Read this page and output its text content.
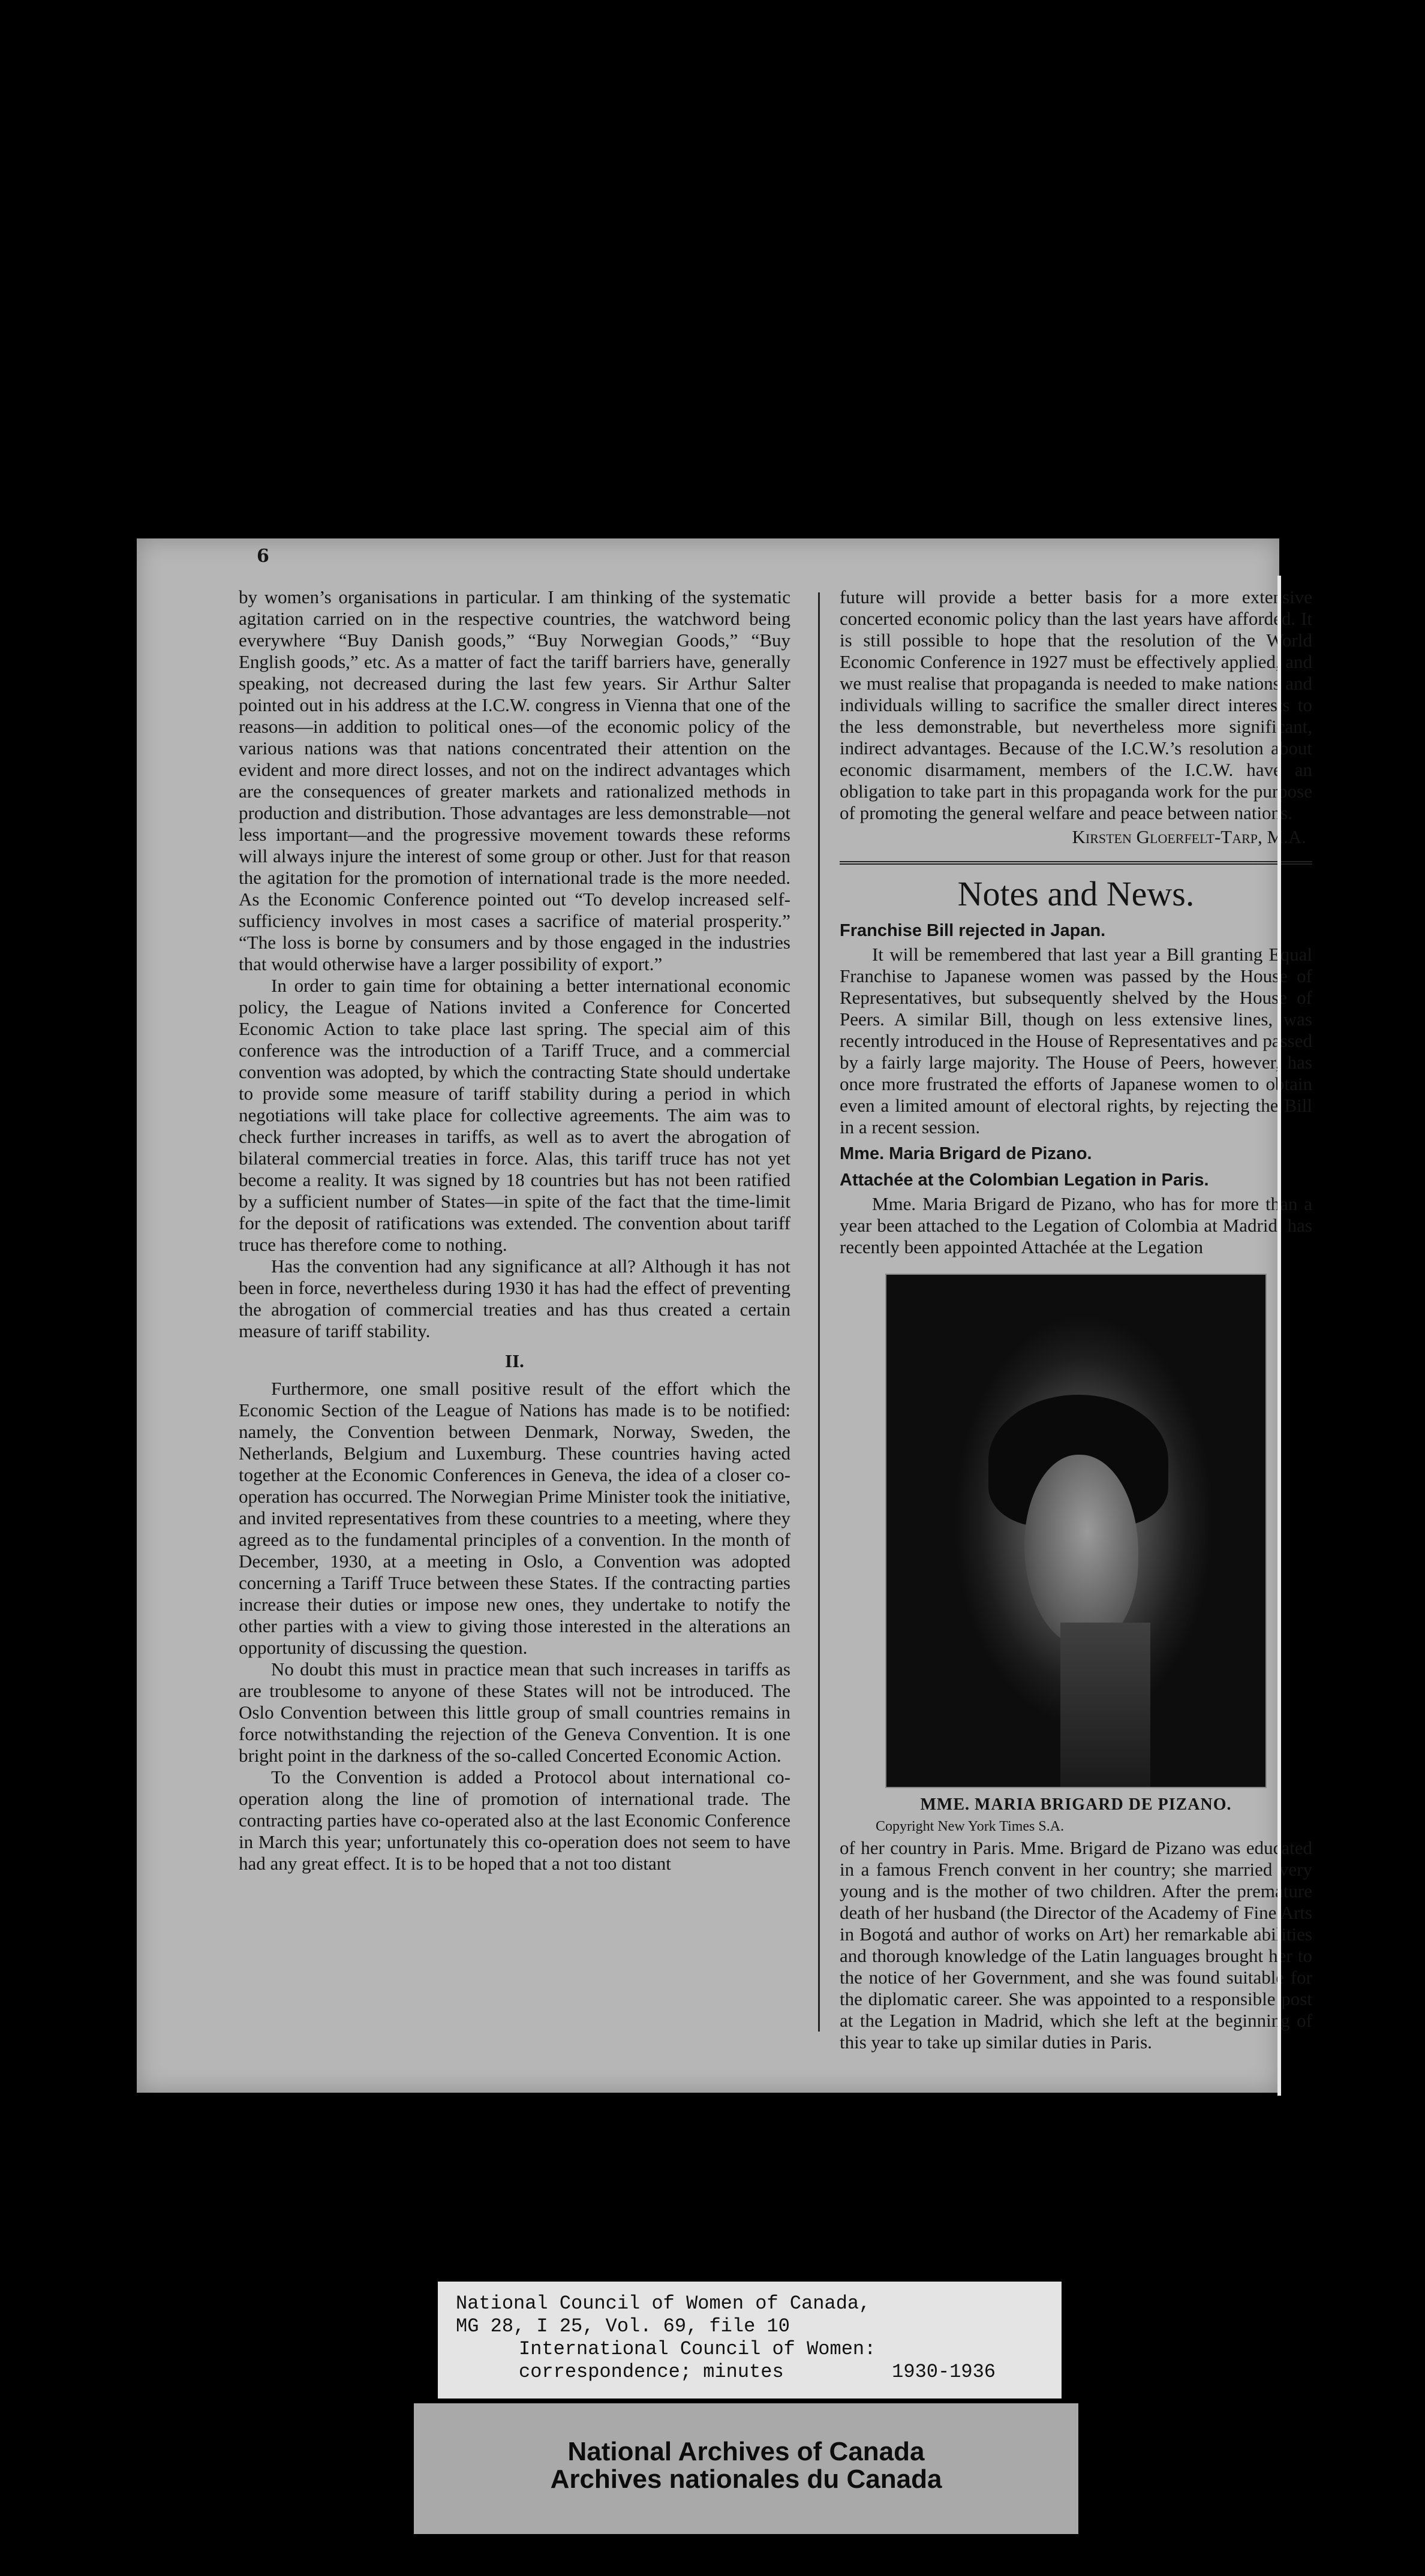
6

by women’s organisations in particular. I am thinking of the systematic agitation carried on in the respective countries, the watchword being everywhere “Buy Danish goods,” “Buy Norwegian Goods,” “Buy English goods,” etc. As a matter of fact the tariff barriers have, generally speaking, not decreased during the last few years. Sir Arthur Salter pointed out in his address at the I.C.W. congress in Vienna that one of the reasons—in addition to political ones—of the economic policy of the various nations was that nations concentrated their attention on the evident and more direct losses, and not on the indirect advantages which are the consequences of greater markets and rationalized methods in production and distribution. Those advantages are less demonstrable—not less important—and the progressive movement towards these reforms will always injure the interest of some group or other. Just for that reason the agitation for the promotion of international trade is the more needed. As the Economic Conference pointed out “To develop increased self-sufficiency involves in most cases a sacrifice of material prosperity.” “The loss is borne by consumers and by those engaged in the industries that would otherwise have a larger possibility of export.”

In order to gain time for obtaining a better international economic policy, the League of Nations invited a Conference for Concerted Economic Action to take place last spring. The special aim of this conference was the introduction of a Tariff Truce, and a commercial convention was adopted, by which the contracting State should undertake to provide some measure of tariff stability during a period in which negotiations will take place for collective agreements. The aim was to check further increases in tariffs, as well as to avert the abrogation of bilateral commercial treaties in force. Alas, this tariff truce has not yet become a reality. It was signed by 18 countries but has not been ratified by a sufficient number of States—in spite of the fact that the time-limit for the deposit of ratifications was extended. The convention about tariff truce has therefore come to nothing.

Has the convention had any significance at all? Although it has not been in force, nevertheless during 1930 it has had the effect of preventing the abrogation of commercial treaties and has thus created a certain measure of tariff stability.

II.

Furthermore, one small positive result of the effort which the Economic Section of the League of Nations has made is to be notified: namely, the Convention between Denmark, Norway, Sweden, the Netherlands, Belgium and Luxemburg. These countries having acted together at the Economic Conferences in Geneva, the idea of a closer co-operation has occurred. The Norwegian Prime Minister took the initiative, and invited representatives from these countries to a meeting, where they agreed as to the fundamental principles of a convention. In the month of December, 1930, at a meeting in Oslo, a Convention was adopted concerning a Tariff Truce between these States. If the contracting parties increase their duties or impose new ones, they undertake to notify the other parties with a view to giving those interested in the alterations an opportunity of discussing the question.

No doubt this must in practice mean that such increases in tariffs as are troublesome to anyone of these States will not be introduced. The Oslo Convention between this little group of small countries remains in force notwithstanding the rejection of the Geneva Convention. It is one bright point in the darkness of the so-called Concerted Economic Action.

To the Convention is added a Protocol about international co-operation along the line of promotion of international trade. The contracting parties have co-operated also at the last Economic Conference in March this year; unfortunately this co-operation does not seem to have had any great effect. It is to be hoped that a not too distant

future will provide a better basis for a more extensive concerted economic policy than the last years have afforded. It is still possible to hope that the resolution of the World Economic Conference in 1927 must be effectively applied, and we must realise that propaganda is needed to make nations and individuals willing to sacrifice the smaller direct interests to the less demonstrable, but nevertheless more significant, indirect advantages. Because of the I.C.W.’s resolution about economic disarmament, members of the I.C.W. have an obligation to take part in this propaganda work for the purpose of promoting the general welfare and peace between nations.

Kirsten Gloerfelt-Tarp, M.A.
Notes and News.
Franchise Bill rejected in Japan.

It will be remembered that last year a Bill granting Equal Franchise to Japanese women was passed by the House of Representatives, but subsequently shelved by the House of Peers. A similar Bill, though on less extensive lines, was recently introduced in the House of Representatives and passed by a fairly large majority. The House of Peers, however, has once more frustrated the efforts of Japanese women to obtain even a limited amount of electoral rights, by rejecting the Bill in a recent session.

Mme. Maria Brigard de Pizano.
Attachée at the Colombian Legation in Paris.

Mme. Maria Brigard de Pizano, who has for more than a year been attached to the Legation of Colombia at Madrid, has recently been appointed Attachée at the Legation

MME. MARIA BRIGARD DE PIZANO.
Copyright New York Times S.A.

of her country in Paris. Mme. Brigard de Pizano was educated in a famous French convent in her country; she married very young and is the mother of two children. After the premature death of her husband (the Director of the Academy of Fine Arts in Bogotá and author of works on Art) her remarkable abilities and thorough knowledge of the Latin languages brought her to the notice of her Government, and she was found suitable for the diplomatic career. She was appointed to a responsible post at the Legation in Madrid, which she left at the beginning of this year to take up similar duties in Paris.

National Council of Women of Canada,
MG 28, I 25, Vol. 69, file 10
International Council of Women:
correspondence; minutes	1930-1936
National Archives of Canada
Archives nationales du Canada
